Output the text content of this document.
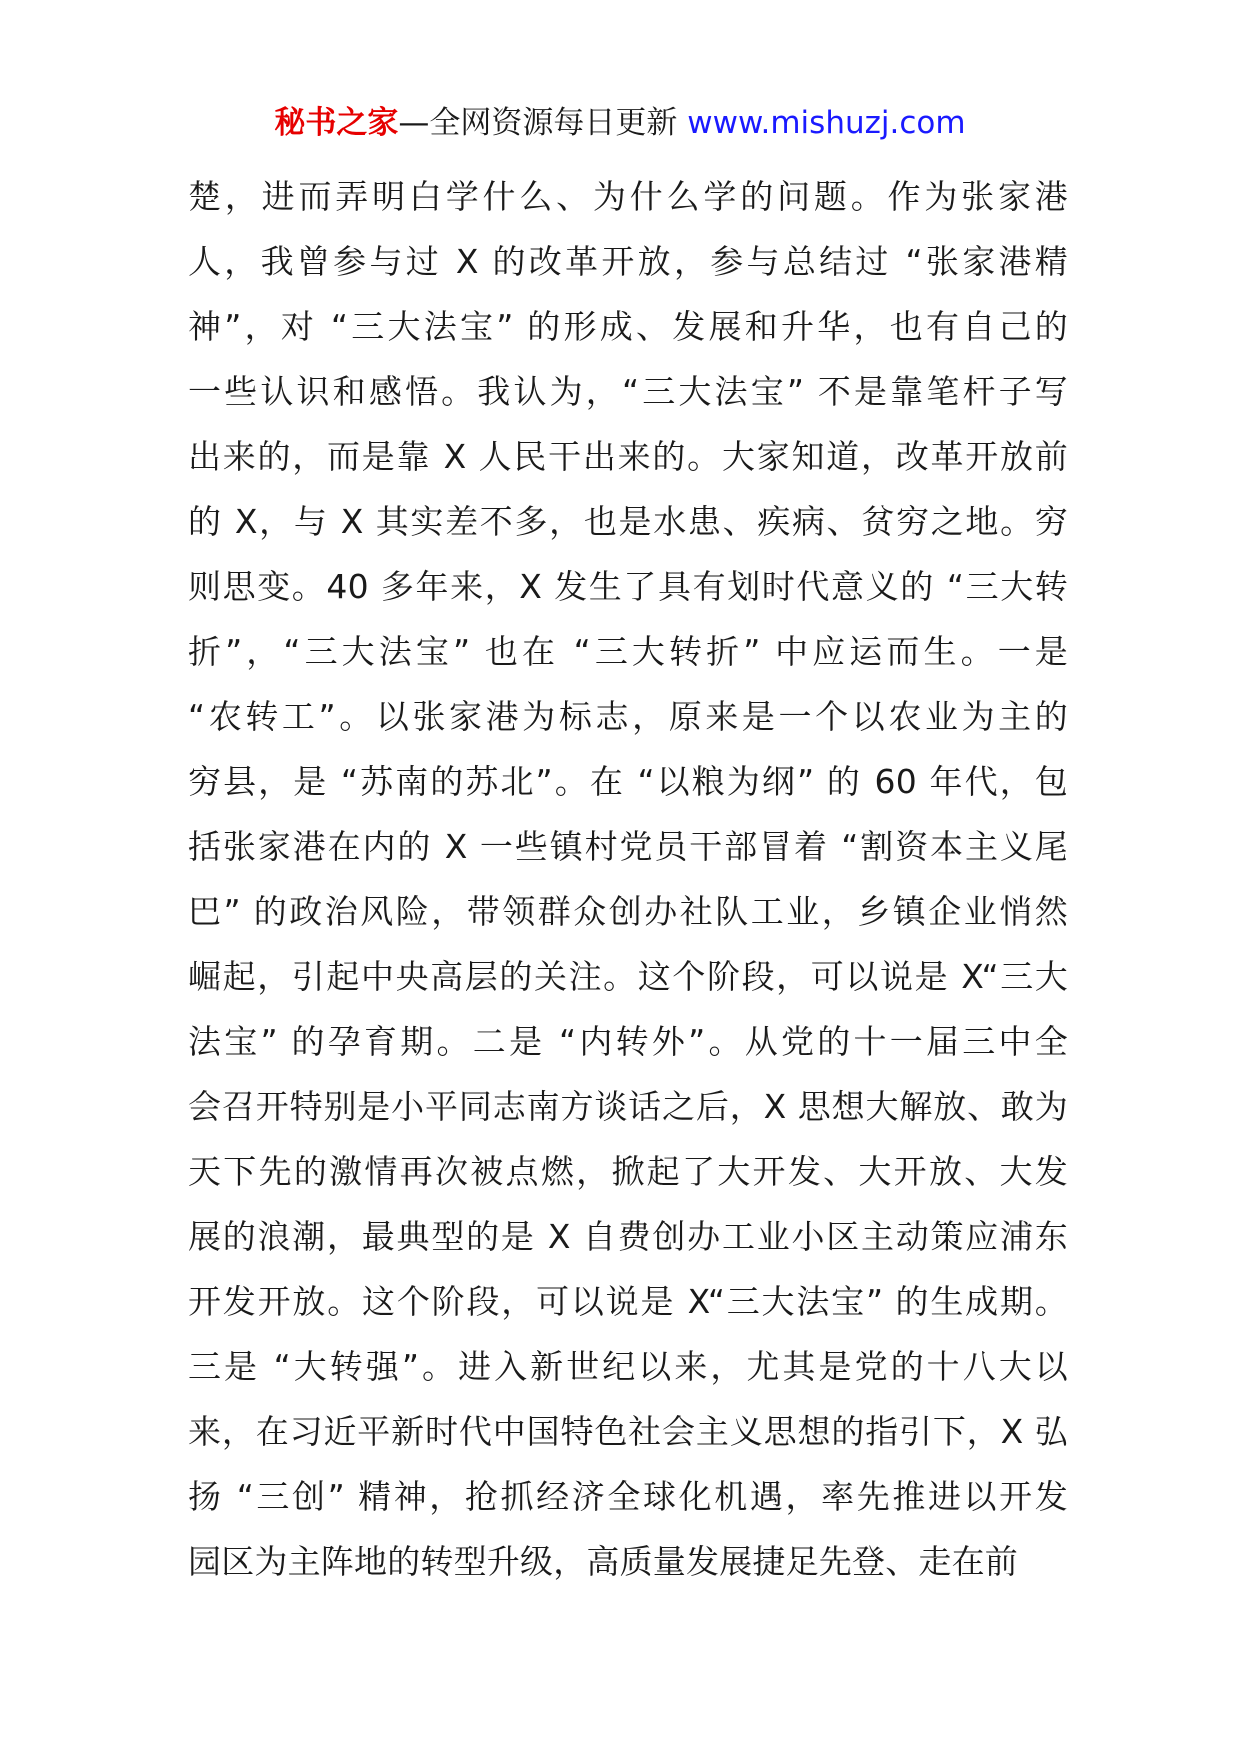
秘书之家—全网资源每日更新 www.mishuzj.com
楚，进而弄明白学什么、为什么学的问题。作为张家港
人，我曾参与过 X 的改革开放，参与总结过 “张家港精
神”，对 “三大法宝” 的形成、发展和升华，也有自己的
一些认识和感悟。我认为，“三大法宝” 不是靠笔杆子写
出来的，而是靠 X 人民干出来的。大家知道，改革开放前
的 X，与 X 其实差不多，也是水患、疾病、贫穷之地。穷
则思变。40 多年来，X 发生了具有划时代意义的 “三大转
折”，“三大法宝” 也在 “三大转折” 中应运而生。一是
“农转工”。以张家港为标志，原来是一个以农业为主的
穷县，是 “苏南的苏北”。在 “以粮为纲” 的 60 年代，包
括张家港在内的 X 一些镇村党员干部冒着 “割资本主义尾
巴” 的政治风险，带领群众创办社队工业，乡镇企业悄然
崛起，引起中央高层的关注。这个阶段，可以说是 X“三大
法宝” 的孕育期。二是 “内转外”。从党的十一届三中全
会召开特别是小平同志南方谈话之后，X 思想大解放、敢为
天下先的激情再次被点燃，掀起了大开发、大开放、大发
展的浪潮，最典型的是 X 自费创办工业小区主动策应浦东
开发开放。这个阶段，可以说是 X“三大法宝” 的生成期。
三是 “大转强”。进入新世纪以来，尤其是党的十八大以
来，在习近平新时代中国特色社会主义思想的指引下，X 弘
扬 “三创” 精神，抢抓经济全球化机遇，率先推进以开发
园区为主阵地的转型升级，高质量发展捷足先登、走在前
